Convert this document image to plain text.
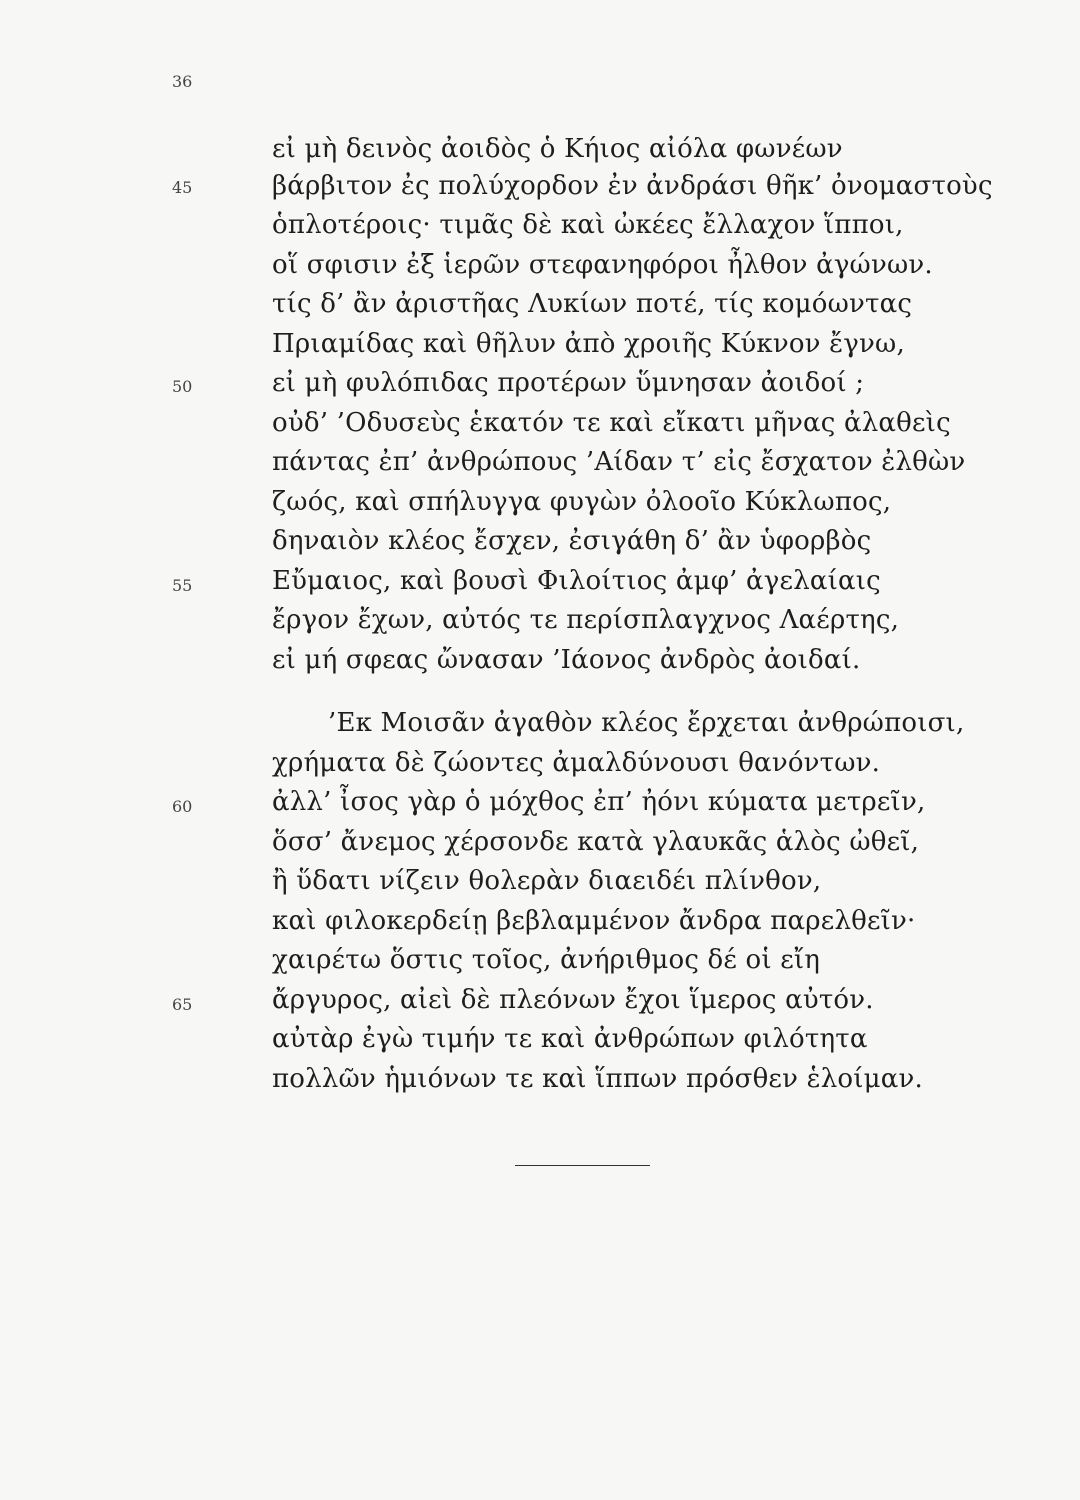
36
εἰ μὴ δεινὸς ἀοιδὸς ὁ Κήιος αἰόλα φωνέων
45	βάρβιτον ἐς πολύχορδον ἐν ἀνδράσι θῆκ’ ὀνομαστοὺς
ὁπλοτέροις· τιμᾶς δὲ καὶ ὠκέες ἔλλαχον ἵπποι,
οἵ σφισιν ἐξ ἱερῶν στεφανηφόροι ἦλθον ἀγώνων.
τίς δ’ ἂν ἀριστῆας Λυκίων ποτέ, τίς κομόωντας
Πριαμίδας καὶ θῆλυν ἀπὸ χροιῆς Κύκνον ἔγνω,
50	εἰ μὴ φυλόπιδας προτέρων ὕμνησαν ἀοιδοί ;
οὐδ’ ’Οδυσεὺς ἑκατόν τε καὶ εἴκατι μῆνας ἀλαθεὶς
πάντας ἐπ’ ἀνθρώπους ’Αίδαν τ’ εἰς ἔσχατον ἐλθὼν
ζωός, καὶ σπήλυγγα φυγὼν ὀλοοῖο Κύκλωπος,
δηναιὸν κλέος ἔσχεν, ἐσιγάθη δ’ ἂν ὑφορβὸς
55	Εὔμαιος, καὶ βουσὶ Φιλοίτιος ἀμφ’ ἀγελαίαις
ἔργον ἔχων, αὐτός τε περίσπλαγχνος Λαέρτης,
εἰ μή σφεας ὤνασαν ’Ιάονος ἀνδρὸς ἀοιδαί.
’Εκ Μοισᾶν ἀγαθὸν κλέος ἔρχεται ἀνθρώποισι,
χρήματα δὲ ζώοντες ἀμαλδύνουσι θανόντων.
60	ἀλλ’ ἶσος γὰρ ὁ μόχθος ἐπ’ ἠόνι κύματα μετρεῖν,
ὅσσ’ ἄνεμος χέρσονδε κατὰ γλαυκᾶς ἁλὸς ὠθεῖ,
ἢ ὕδατι νίζειν θολερὰν διαειδέι πλίνθον,
καὶ φιλοκερδείῃ βεβλαμμένον ἄνδρα παρελθεῖν·
χαιρέτω ὅστις τοῖος, ἀνήριθμος δέ οἱ εἴη
65	ἄργυρος, αἰεὶ δὲ πλεόνων ἔχοι ἵμερος αὐτόν.
αὐτὰρ ἐγὼ τιμήν τε καὶ ἀνθρώπων φιλότητα
πολλῶν ἡμιόνων τε καὶ ἵππων πρόσθεν ἑλοίμαν.
